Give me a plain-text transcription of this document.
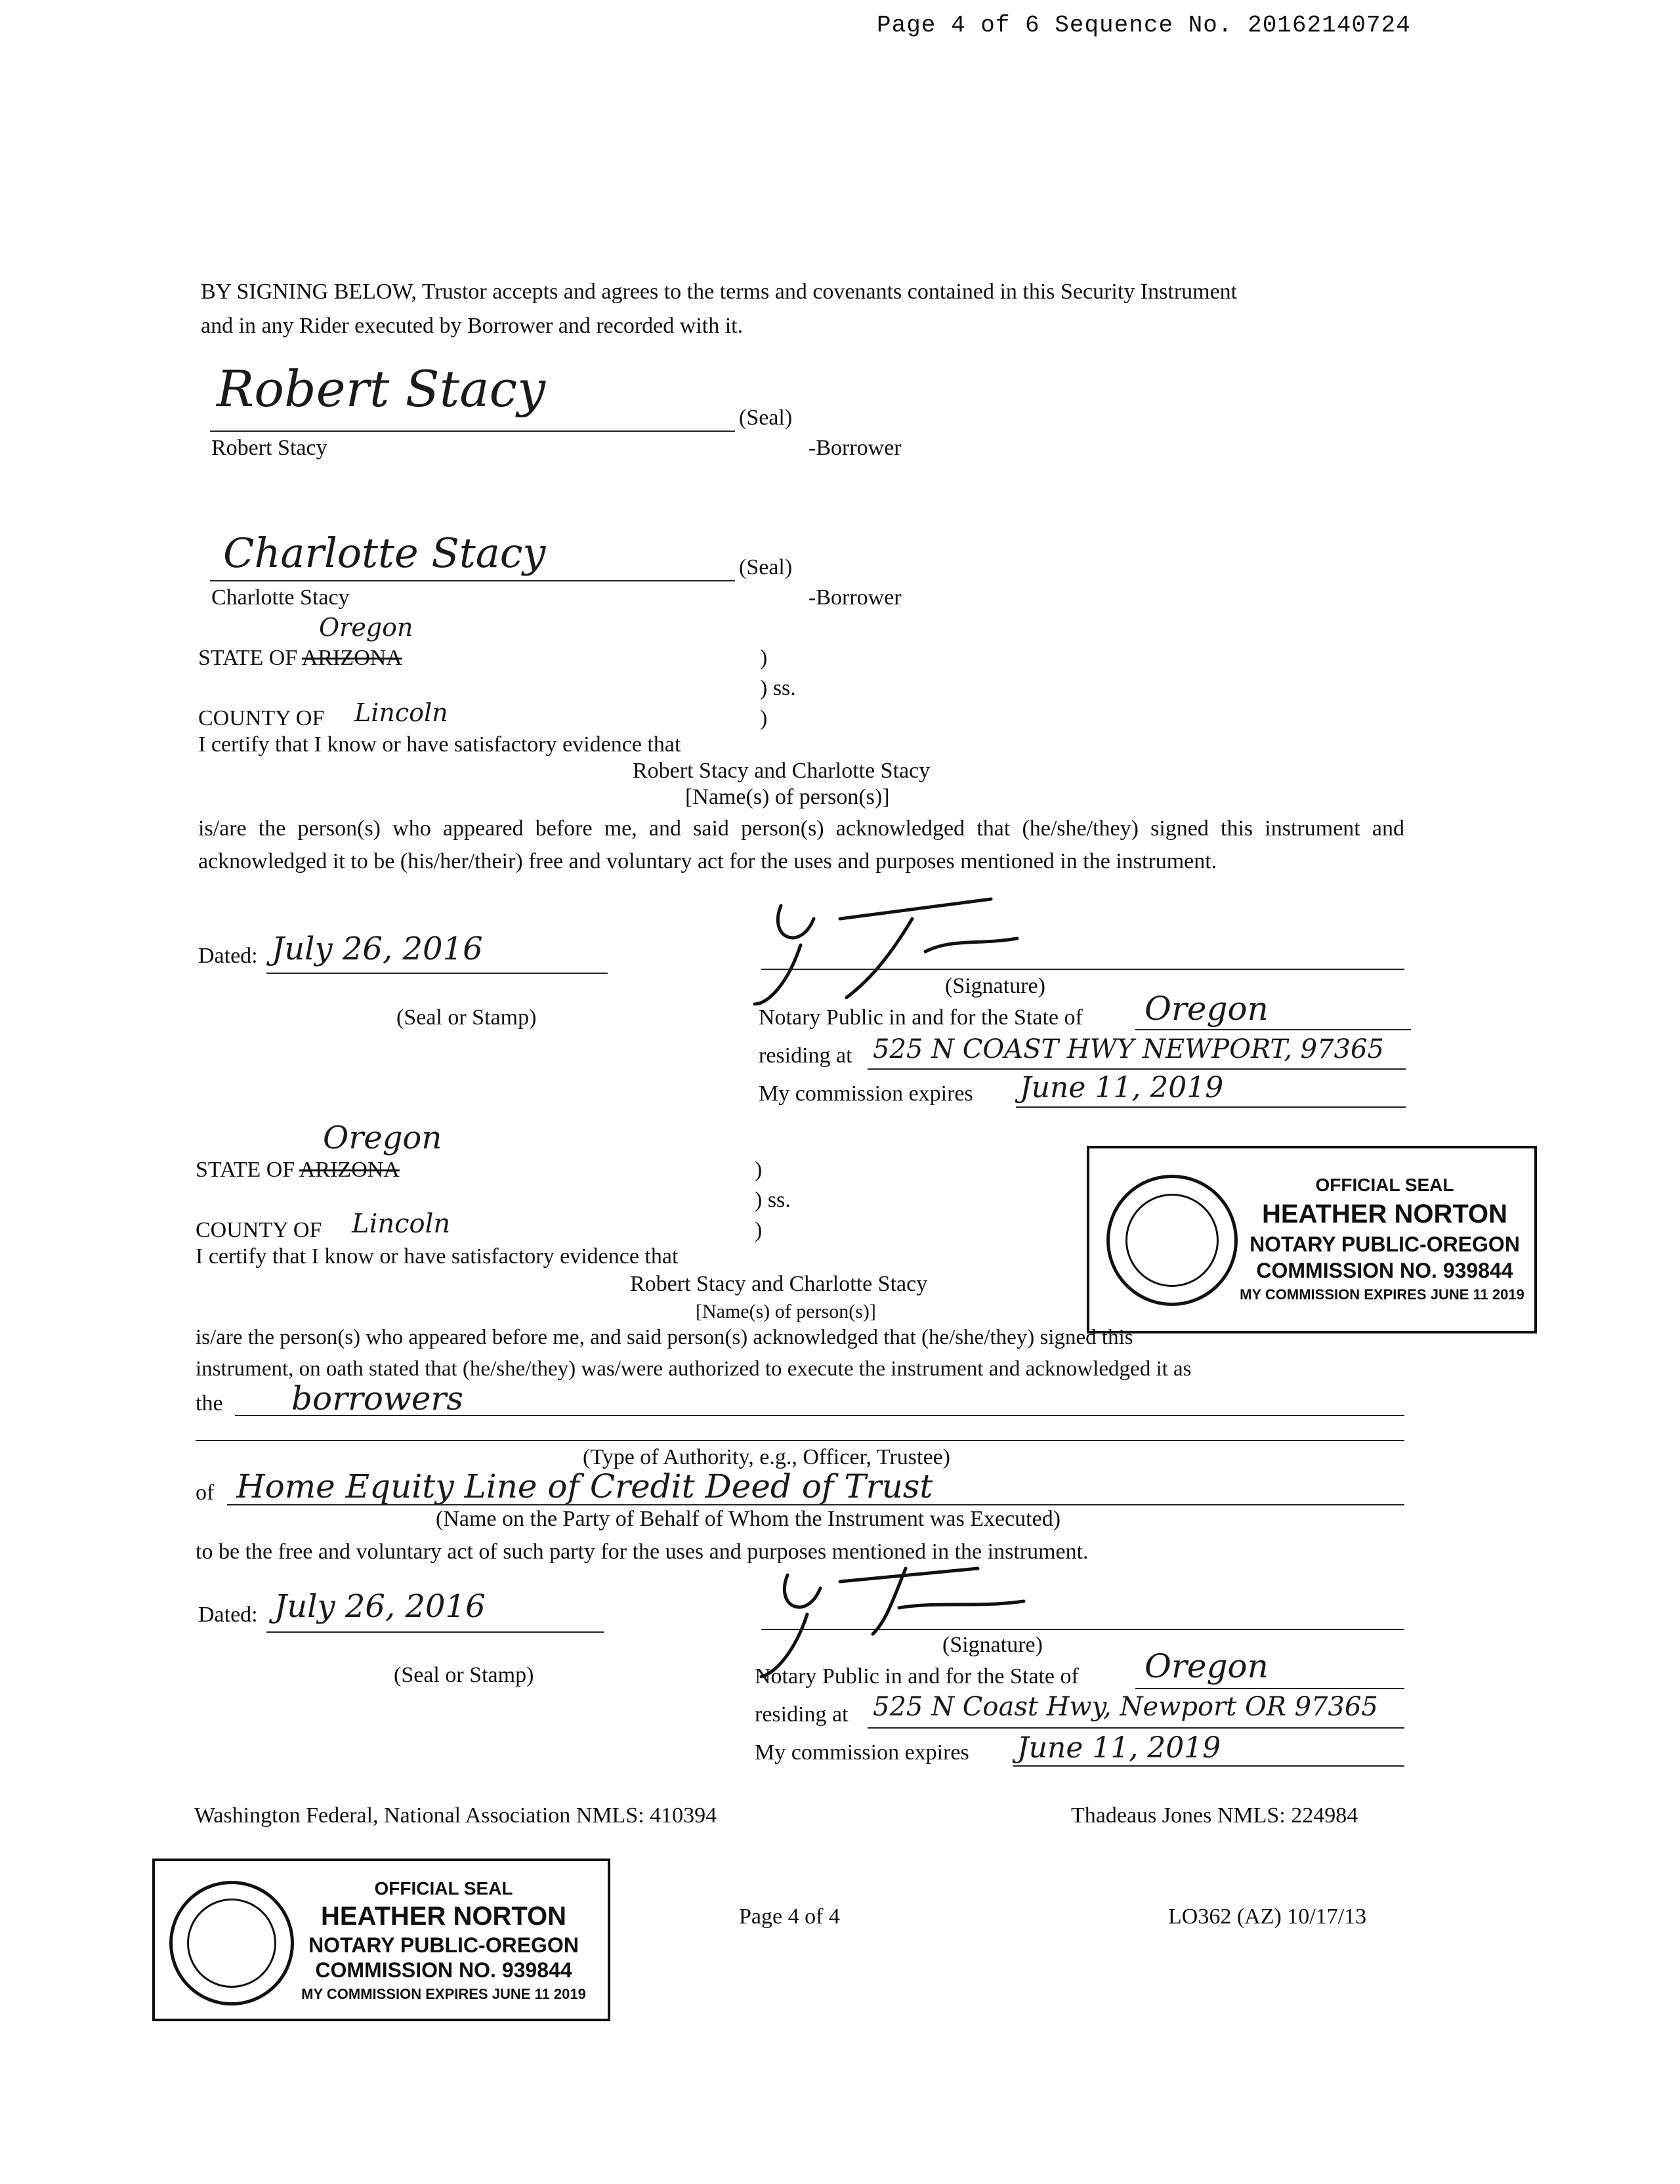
Page 4 of 6 Sequence No. 20162140724
BY SIGNING BELOW, Trustor accepts and agrees to the terms and covenants contained in this Security Instrument
and in any Rider executed by Borrower and recorded with it.
Robert Stacy	(Seal)
Robert Stacy	-Borrower
Charlotte Stacy	(Seal)
Charlotte Stacy	-Borrower
Oregon
STATE OF ARIZONA	)
) ss.
COUNTY OF Lincoln	)
I certify that I know or have satisfactory evidence that
Robert Stacy and Charlotte Stacy
[Name(s) of person(s)]
is/are the person(s) who appeared before me, and said person(s) acknowledged that (he/she/they) signed this instrument and acknowledged it to be (his/her/their) free and voluntary act for the uses and purposes mentioned in the instrument.
Dated: July 26, 2016
(Seal or Stamp)
(Signature)
Notary Public in and for the State of Oregon
residing at 525 N COAST HWY NEWPORT, 97365
My commission expires June 11, 2019
Oregon
STATE OF ARIZONA	)
) ss.
COUNTY OF Lincoln	)
I certify that I know or have satisfactory evidence that
Robert Stacy and Charlotte Stacy
[Name(s) of person(s)]
OFFICIAL SEAL
HEATHER NORTON
NOTARY PUBLIC-OREGON
COMMISSION NO. 939844
MY COMMISSION EXPIRES JUNE 11 2019
is/are the person(s) who appeared before me, and said person(s) acknowledged that (he/she/they) signed this
instrument, on oath stated that (he/she/they) was/were authorized to execute the instrument and acknowledged it as
the borrowers
(Type of Authority, e.g., Officer, Trustee)
of Home Equity Line of Credit Deed of Trust
(Name on the Party of Behalf of Whom the Instrument was Executed)
to be the free and voluntary act of such party for the uses and purposes mentioned in the instrument.
Dated: July 26, 2016
(Seal or Stamp)
(Signature)
Notary Public in and for the State of Oregon
residing at 525 N Coast Hwy, Newport OR 97365
My commission expires June 11, 2019
Washington Federal, National Association NMLS: 410394	Thadeaus Jones NMLS: 224984
OFFICIAL SEAL
HEATHER NORTON
NOTARY PUBLIC-OREGON
COMMISSION NO. 939844
MY COMMISSION EXPIRES JUNE 11 2019
Page 4 of 4	LO362 (AZ) 10/17/13
